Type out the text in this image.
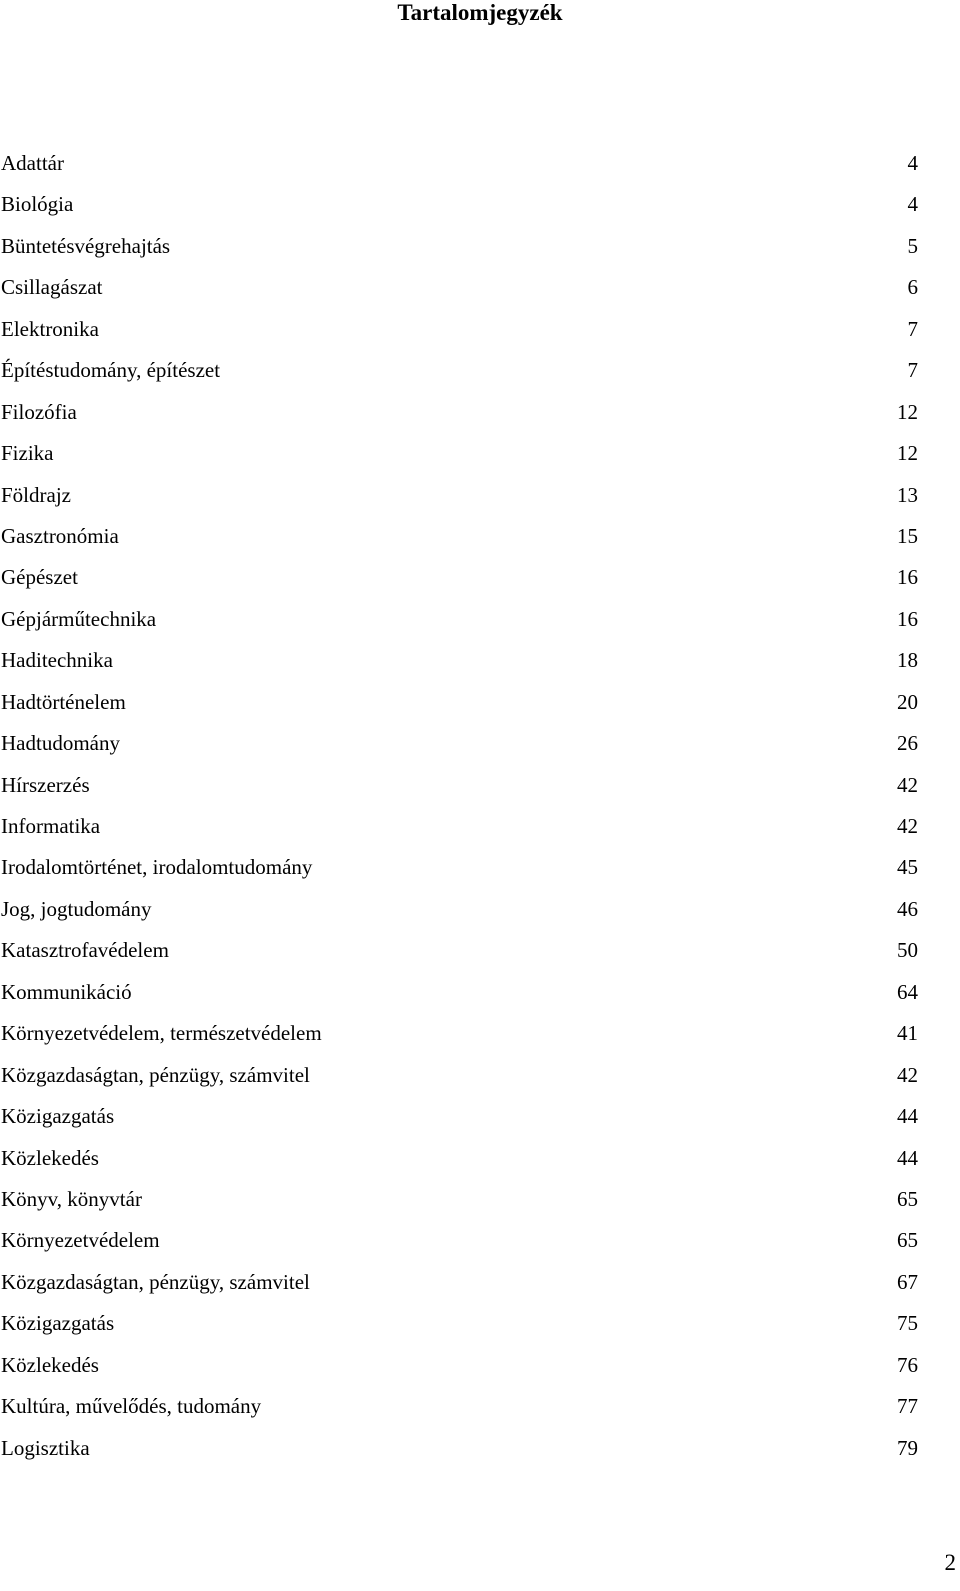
Tartalomjegyzék
Adattár	4
Biológia	4
Büntetésvégrehajtás	5
Csillagászat	6
Elektronika	7
Építéstudomány, építészet	7
Filozófia	12
Fizika	12
Földrajz	13
Gasztronómia	15
Gépészet	16
Gépjárműtechnika	16
Haditechnika	18
Hadtörténelem	20
Hadtudomány	26
Hírszerzés	42
Informatika	42
Irodalomtörténet, irodalomtudomány	45
Jog, jogtudomány	46
Katasztrofavédelem	50
Kommunikáció	64
Környezetvédelem, természetvédelem	41
Közgazdaságtan, pénzügy, számvitel	42
Közigazgatás	44
Közlekedés	44
Könyv, könyvtár	65
Környezetvédelem	65
Közgazdaságtan, pénzügy, számvitel	67
Közigazgatás	75
Közlekedés	76
Kultúra, művelődés, tudomány	77
Logisztika	79
2
